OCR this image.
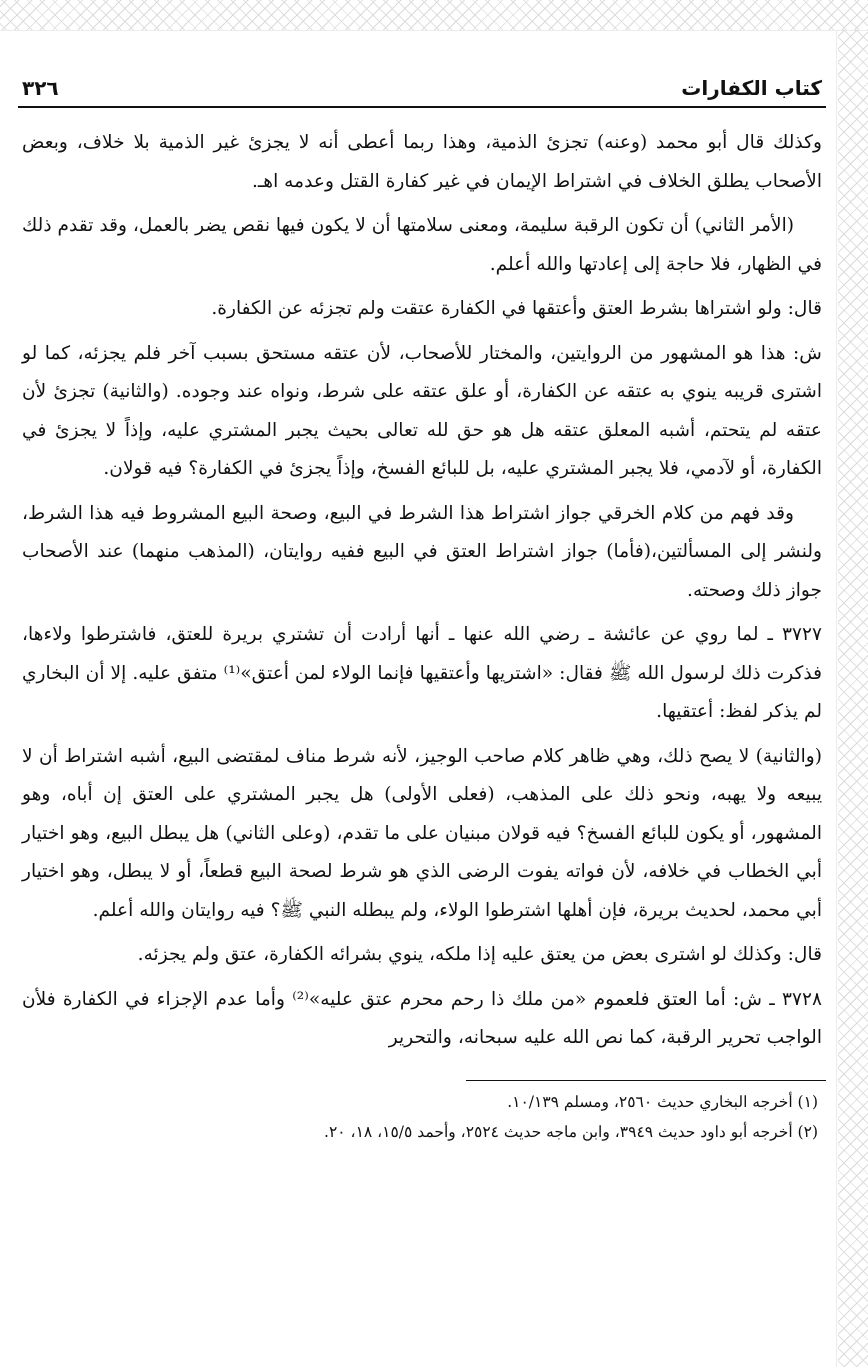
كتاب الكفارات
٣٢٦

وكذلك قال أبو محمد (وعنه) تجزئ الذمية، وهذا ربما أعطى أنه لا يجزئ غير الذمية بلا خلاف، وبعض الأصحاب يطلق الخلاف في اشتراط الإيمان في غير كفارة القتل وعدمه اهـ.

(الأمر الثاني) أن تكون الرقبة سليمة، ومعنى سلامتها أن لا يكون فيها نقص يضر بالعمل، وقد تقدم ذلك في الظهار، فلا حاجة إلى إعادتها والله أعلم.

قال: ولو اشتراها بشرط العتق وأعتقها في الكفارة عتقت ولم تجزئه عن الكفارة.

ش: هذا هو المشهور من الروايتين، والمختار للأصحاب، لأن عتقه مستحق بسبب آخر فلم يجزئه، كما لو اشترى قريبه ينوي به عتقه عن الكفارة، أو علق عتقه على شرط، ونواه عند وجوده. (والثانية) تجزئ لأن عتقه لم يتحتم، أشبه المعلق عتقه هل هو حق لله تعالى بحيث يجبر المشتري عليه، وإذاً لا يجزئ في الكفارة، أو لآدمي، فلا يجبر المشتري عليه، بل للبائع الفسخ، وإذاً يجزئ في الكفارة؟ فيه قولان.

وقد فهم من كلام الخرقي جواز اشتراط هذا الشرط في البيع، وصحة البيع المشروط فيه هذا الشرط، ولنشر إلى المسألتين،(فأما) جواز اشتراط العتق في البيع ففيه روايتان، (المذهب منهما) عند الأصحاب جواز ذلك وصحته.

٣٧٢٧ ـ لما روي عن عائشة ـ رضي الله عنها ـ أنها أرادت أن تشتري بريرة للعتق، فاشترطوا ولاءها، فذكرت ذلك لرسول الله ﷺ فقال: «اشتريها وأعتقيها فإنما الولاء لمن أعتق»⁽¹⁾ متفق عليه. إلا أن البخاري لم يذكر لفظ: أعتقيها.

(والثانية) لا يصح ذلك، وهي ظاهر كلام صاحب الوجيز، لأنه شرط مناف لمقتضى البيع، أشبه اشتراط أن لا يبيعه ولا يهبه، ونحو ذلك على المذهب، (فعلى الأولى) هل يجبر المشتري على العتق إن أباه، وهو المشهور، أو يكون للبائع الفسخ؟ فيه قولان مبنيان على ما تقدم، (وعلى الثاني) هل يبطل البيع، وهو اختيار أبي الخطاب في خلافه، لأن فواته يفوت الرضى الذي هو شرط لصحة البيع قطعاً، أو لا يبطل، وهو اختيار أبي محمد، لحديث بريرة، فإن أهلها اشترطوا الولاء، ولم يبطله النبي ﷺ؟ فيه روايتان والله أعلم.

قال: وكذلك لو اشترى بعض من يعتق عليه إذا ملكه، ينوي بشرائه الكفارة، عتق ولم يجزئه.

٣٧٢٨ ـ ش: أما العتق فلعموم «من ملك ذا رحم محرم عتق عليه»⁽²⁾ وأما عدم الإجزاء في الكفارة فلأن الواجب تحرير الرقبة، كما نص الله عليه سبحانه، والتحرير

(١) أخرجه البخاري حديث ٢٥٦٠، ومسلم ١٠/١٣٩.
(٢) أخرجه أبو داود حديث ٣٩٤٩، وابن ماجه حديث ٢٥٢٤، وأحمد ١٥/٥، ١٨، ٢٠.
